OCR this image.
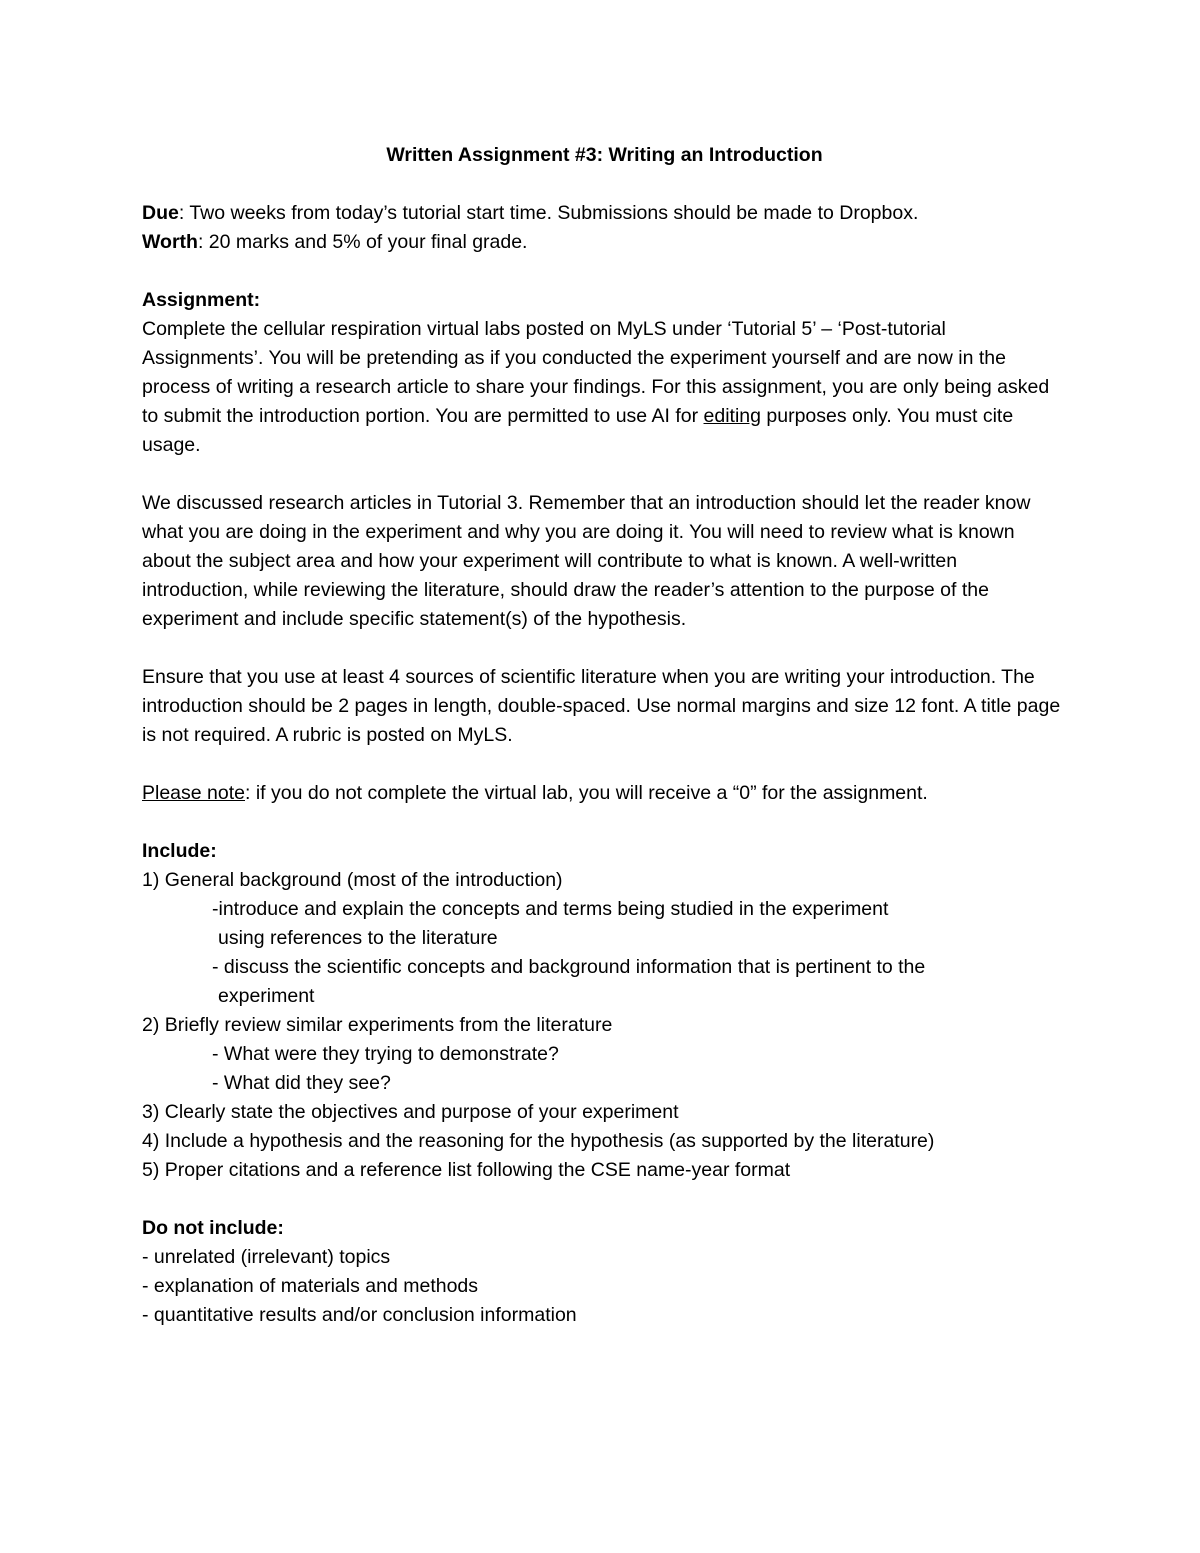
Written Assignment #3: Writing an Introduction

Due: Two weeks from today’s tutorial start time. Submissions should be made to Dropbox.

Worth: 20 marks and 5% of your final grade.

Assignment:

Complete the cellular respiration virtual labs posted on MyLS under ‘Tutorial 5’ – ‘Post-tutorial Assignments’. You will be pretending as if you conducted the experiment yourself and are now in the process of writing a research article to share your findings. For this assignment, you are only being asked to submit the introduction portion. You are permitted to use AI for editing purposes only. You must cite usage.

We discussed research articles in Tutorial 3. Remember that an introduction should let the reader know what you are doing in the experiment and why you are doing it. You will need to review what is known about the subject area and how your experiment will contribute to what is known. A well-written introduction, while reviewing the literature, should draw the reader’s attention to the purpose of the experiment and include specific statement(s) of the hypothesis.

Ensure that you use at least 4 sources of scientific literature when you are writing your introduction. The introduction should be 2 pages in length, double-spaced. Use normal margins and size 12 font. A title page is not required. A rubric is posted on MyLS.

Please note: if you do not complete the virtual lab, you will receive a “0” for the assignment.

Include:

1) General background (most of the introduction)

-introduce and explain the concepts and terms being studied in the experiment

using references to the literature

- discuss the scientific concepts and background information that is pertinent to the

experiment

2) Briefly review similar experiments from the literature

- What were they trying to demonstrate?

- What did they see?

3) Clearly state the objectives and purpose of your experiment

4) Include a hypothesis and the reasoning for the hypothesis (as supported by the literature)

5) Proper citations and a reference list following the CSE name-year format

Do not include:

- unrelated (irrelevant) topics

- explanation of materials and methods

- quantitative results and/or conclusion information
